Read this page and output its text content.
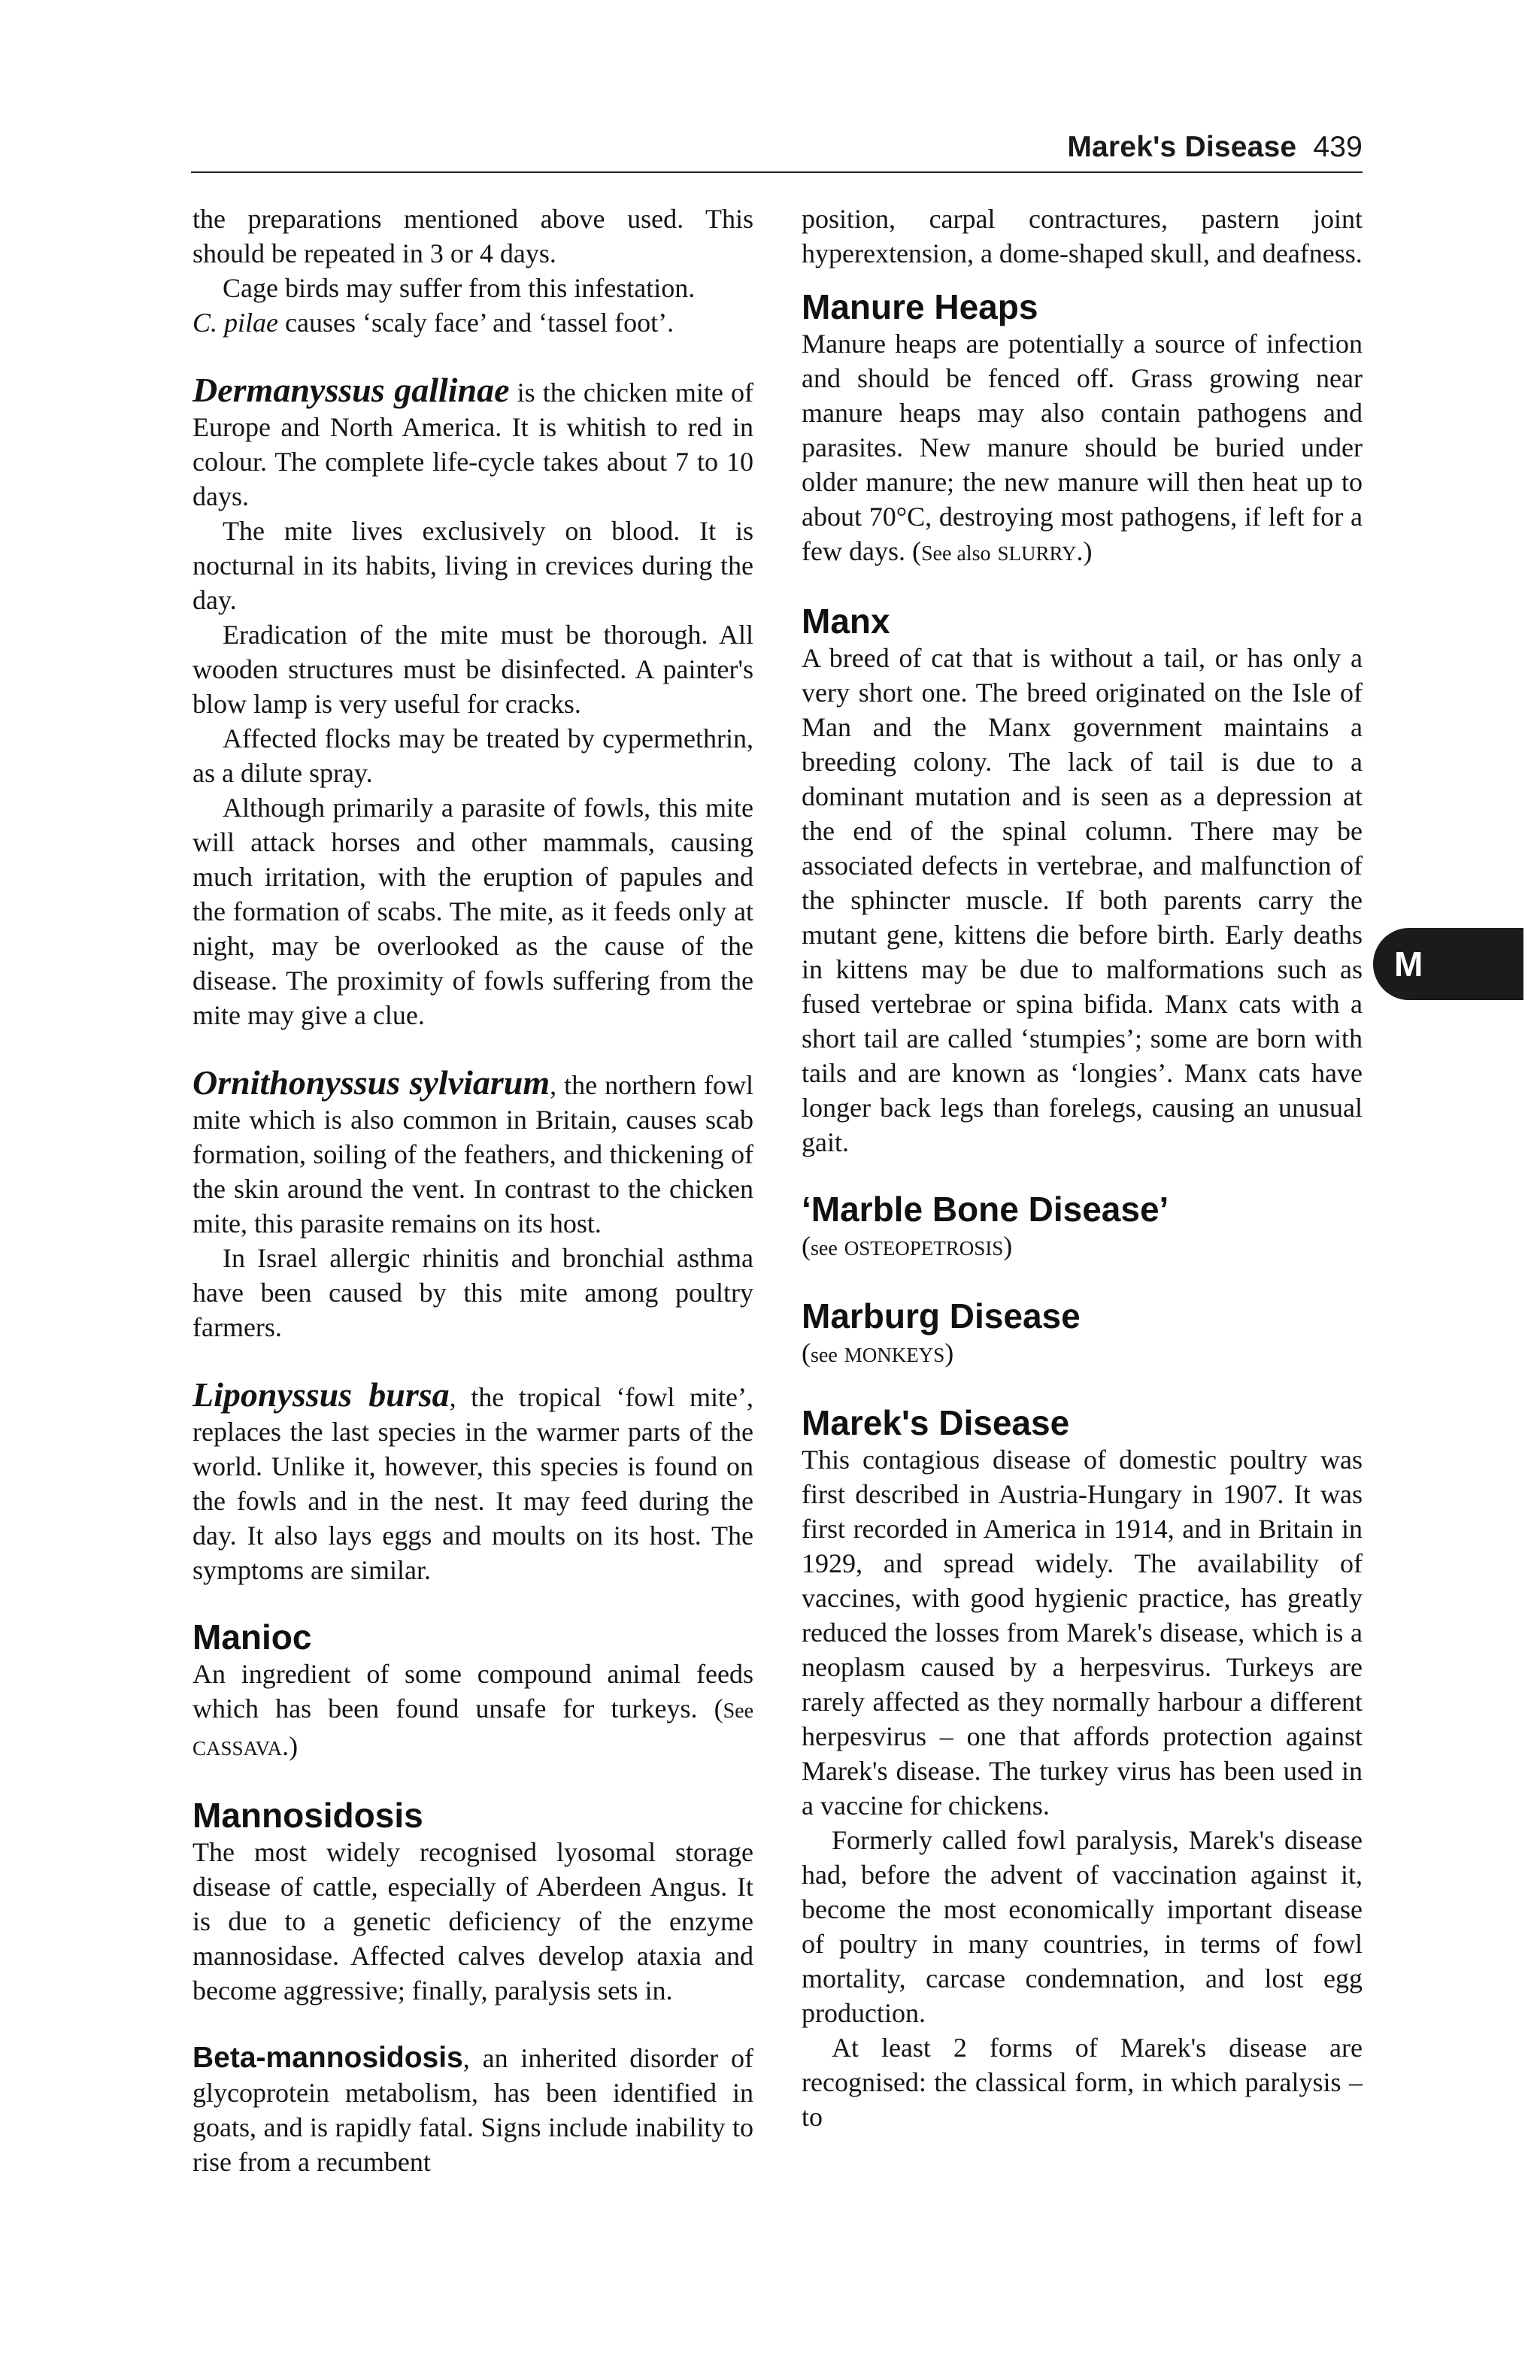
Marek's Disease 439
M

the preparations mentioned above used. This should be repeated in 3 or 4 days.

Cage birds may suffer from this infestation.

C. pilae causes ‘scaly face’ and ‘tassel foot’.

Dermanyssus gallinae is the chicken mite of Europe and North America. It is whitish to red in colour. The complete life-cycle takes about 7 to 10 days.

The mite lives exclusively on blood. It is nocturnal in its habits, living in crevices during the day.

Eradication of the mite must be thorough. All wooden structures must be disinfected. A painter's blow lamp is very useful for cracks.

Affected flocks may be treated by cypermethrin, as a dilute spray.

Although primarily a parasite of fowls, this mite will attack horses and other mammals, causing much irritation, with the eruption of papules and the formation of scabs. The mite, as it feeds only at night, may be overlooked as the cause of the disease. The proximity of fowls suffering from the mite may give a clue.

Ornithonyssus sylviarum, the northern fowl mite which is also common in Britain, causes scab formation, soiling of the feathers, and thickening of the skin around the vent. In contrast to the chicken mite, this parasite remains on its host.

In Israel allergic rhinitis and bronchial asthma have been caused by this mite among poultry farmers.

Liponyssus bursa, the tropical ‘fowl mite’, replaces the last species in the warmer parts of the world. Unlike it, however, this species is found on the fowls and in the nest. It may feed during the day. It also lays eggs and moults on its host. The symptoms are similar.

Manioc

An ingredient of some compound animal feeds which has been found unsafe for turkeys. (See CASSAVA.)

Mannosidosis

The most widely recognised lyosomal storage disease of cattle, especially of Aberdeen Angus. It is due to a genetic deficiency of the enzyme mannosidase. Affected calves develop ataxia and become aggressive; finally, paralysis sets in.

Beta-mannosidosis, an inherited disorder of glycoprotein metabolism, has been identified in goats, and is rapidly fatal. Signs include inability to rise from a recumbent

position, carpal contractures, pastern joint hyperextension, a dome-shaped skull, and deafness.

Manure Heaps

Manure heaps are potentially a source of infection and should be fenced off. Grass growing near manure heaps may also contain pathogens and parasites. New manure should be buried under older manure; the new manure will then heat up to about 70°C, destroying most pathogens, if left for a few days. (See also SLURRY.)

Manx

A breed of cat that is without a tail, or has only a very short one. The breed originated on the Isle of Man and the Manx government maintains a breeding colony. The lack of tail is due to a dominant mutation and is seen as a depression at the end of the spinal column. There may be associated defects in vertebrae, and malfunction of the sphincter muscle. If both parents carry the mutant gene, kittens die before birth. Early deaths in kittens may be due to malformations such as fused vertebrae or spina bifida. Manx cats with a short tail are called ‘stumpies’; some are born with tails and are known as ‘longies’. Manx cats have longer back legs than forelegs, causing an unusual gait.

‘Marble Bone Disease’

(see OSTEOPETROSIS)

Marburg Disease

(see MONKEYS)

Marek's Disease

This contagious disease of domestic poultry was first described in Austria-Hungary in 1907. It was first recorded in America in 1914, and in Britain in 1929, and spread widely. The availability of vaccines, with good hygienic practice, has greatly reduced the losses from Marek's disease, which is a neoplasm caused by a herpesvirus. Turkeys are rarely affected as they normally harbour a different herpesvirus – one that affords protection against Marek's disease. The turkey virus has been used in a vaccine for chickens.

Formerly called fowl paralysis, Marek's disease had, before the advent of vaccination against it, become the most economically important disease of poultry in many countries, in terms of fowl mortality, carcase condemnation, and lost egg production.

At least 2 forms of Marek's disease are recognised: the classical form, in which paralysis – to
